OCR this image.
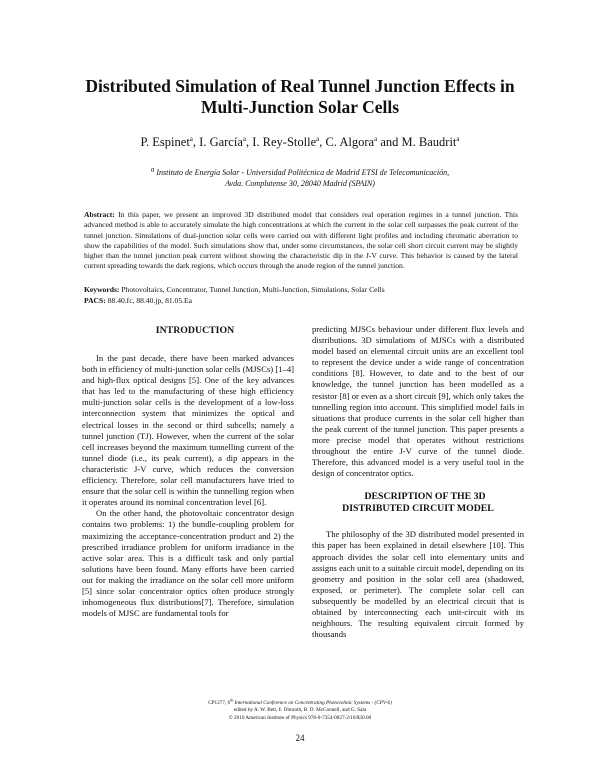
Distributed Simulation of Real Tunnel Junction Effects in
Multi-Junction Solar Cells
P. Espinet$^a$, I. García$^a$, I. Rey-Stolle$^a$, C. Algora$^a$ and M. Baudrit$^a$
$^a$ Instituto de Energía Solar - Universidad Politécnica de Madrid ETSI de Telecomunicación,
Avda. Complutense 30, 28040 Madrid (SPAIN)

Abstract: In this paper, we present an improved 3D distributed model that considers real operation regimes in a tunnel junction. This advanced method is able to accurately simulate the high concentrations at which the current in the solar cell surpasses the peak current of the tunnel junction. Simulations of dual-junction solar cells were carried out with different light profiles and including chromatic aberration to show the capabilities of the model. Such simulations show that, under some circumstances, the solar cell short circuit current may be slightly higher than the tunnel junction peak current without showing the characteristic dip in the J-V curve. This behavior is caused by the lateral current spreading towards the dark regions, which occurs through the anode region of the tunnel junction.

Keywords: Photovoltaics, Concentrator, Tunnel Junction, Multi-Junction, Simulations, Solar Cells

PACS: 88.40.fc, 88.40.jp, 81.05.Ea

INTRODUCTION

In the past decade, there have been marked advances both in efficiency of multi-junction solar cells (MJSCs) [1–4] and high-flux optical designs [5]. One of the key advances that has led to the manufacturing of these high efficiency multi-junction solar cells is the development of a low-loss interconnection system that minimizes the optical and electrical losses in the second or third subcells; namely a tunnel junction (TJ). However, when the current of the solar cell increases beyond the maximum tunnelling current of the tunnel diode (i.e., its peak current), a dip appears in the characteristic J-V curve, which reduces the conversion efficiency. Therefore, solar cell manufacturers have tried to ensure that the solar cell is within the tunnelling region when it operates around its nominal concentration level [6].

On the other hand, the photovoltaic concentrator design contains two problems: 1) the bundle-coupling problem for maximizing the acceptance-concentration product and 2) the prescribed irradiance problem for uniform irradiance in the active solar area. This is a difficult task and only partial solutions have been found. Many efforts have been carried out for making the irradiance on the solar cell more uniform [5] since solar concentrator optics often produce strongly inhomogeneous flux distributions[7]. Therefore, simulation models of MJSC are fundamental tools for

predicting MJSCs behaviour under different flux levels and distributions. 3D simulations of MJSCs with a distributed model based on elemental circuit units are an excellent tool to represent the device under a wide range of concentration conditions [8]. However, to date and to the best of our knowledge, the tunnel junction has been modelled as a resistor [8] or even as a short circuit [9], which only takes the tunnelling region into account. This simplified model fails in situations that produce currents in the solar cell higher than the peak current of the tunnel junction. This paper presents a more precise model that operates without restrictions throughout the entire J-V curve of the tunnel diode. Therefore, this advanced model is a very useful tool in the design of concentrator optics.

DESCRIPTION OF THE 3D
DISTRIBUTED CIRCUIT MODEL

The philosophy of the 3D distributed model presented in this paper has been explained in detail elsewhere [10]. This approach divides the solar cell into elementary units and assigns each unit to a suitable circuit model, depending on its geometry and position in the solar cell area (shadowed, exposed, or perimeter). The complete solar cell can subsequently be modelled by an electrical circuit that is obtained by interconnecting each unit-circuit with its neighbours. The resulting equivalent circuit formed by thousands

CP1277, 6th International Conference on Concentrating Photovoltaic Systems - (CPV-6)
edited by A. W. Bett, F. Dimroth, R. D. McConnell, and G. Sala
© 2010 American Institute of Physics 978-0-7354-0827-2/10/$30.00
24
